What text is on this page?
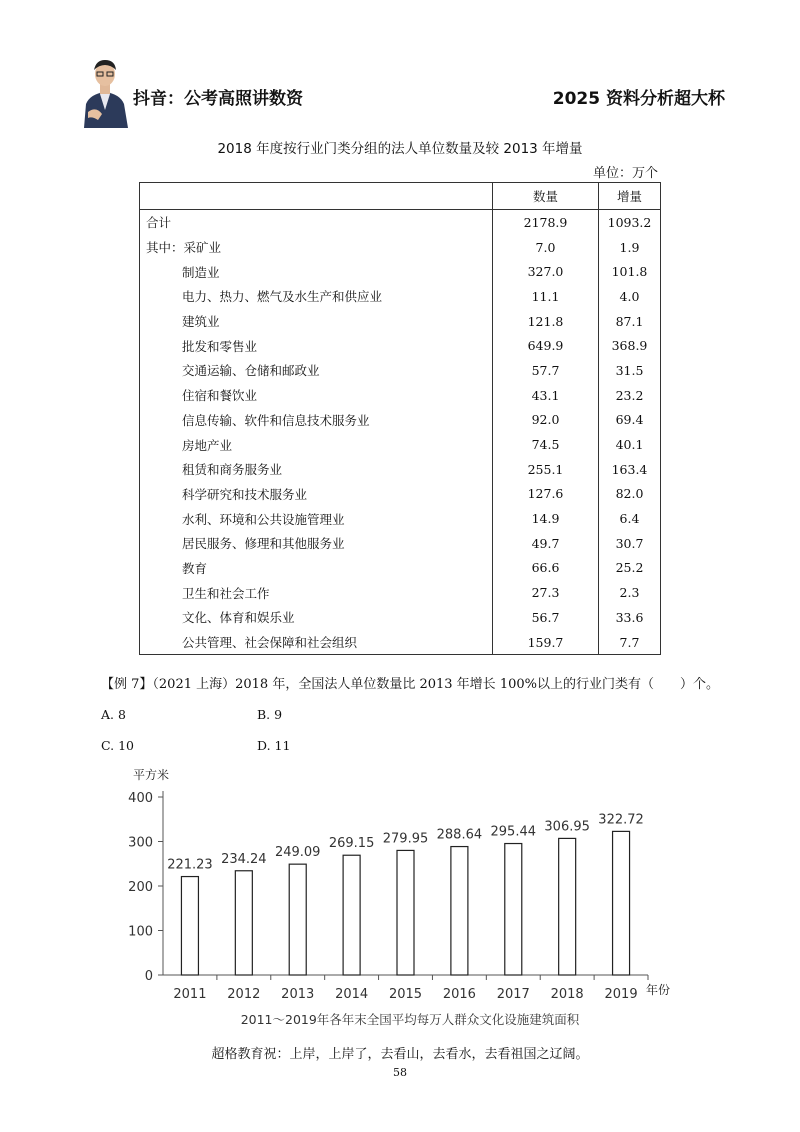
抖音：公考高照讲数资	2025 资料分析超大杯
2018 年度按行业门类分组的法人单位数量及较 2013 年增量
单位：万个
	数量	增量
合计	2178.9	1093.2
其中：采矿业	7.0	1.9
制造业	327.0	101.8
电力、热力、燃气及水生产和供应业	11.1	4.0
建筑业	121.8	87.1
批发和零售业	649.9	368.9
交通运输、仓储和邮政业	57.7	31.5
住宿和餐饮业	43.1	23.2
信息传输、软件和信息技术服务业	92.0	69.4
房地产业	74.5	40.1
租赁和商务服务业	255.1	163.4
科学研究和技术服务业	127.6	82.0
水利、环境和公共设施管理业	14.9	6.4
居民服务、修理和其他服务业	49.7	30.7
教育	66.6	25.2
卫生和社会工作	27.3	2.3
文化、体育和娱乐业	56.7	33.6
公共管理、社会保障和社会组织	159.7	7.7
【例 7】（2021 上海）2018 年，全国法人单位数量比 2013 年增长 100%以上的行业门类有（　　）个。
A. 8	B. 9
C. 10	D. 11
平方米
0
100
200
300
400
221.23
2011
234.24
2012
249.09
2013
269.15
2014
279.95
2015
288.64
2016
295.44
2017
306.95
2018
322.72
2019 年份
2011～2019年各年末全国平均每万人群众文化设施建筑面积
超格教育祝：上岸，上岸了，去看山，去看水，去看祖国之辽阔。
58
